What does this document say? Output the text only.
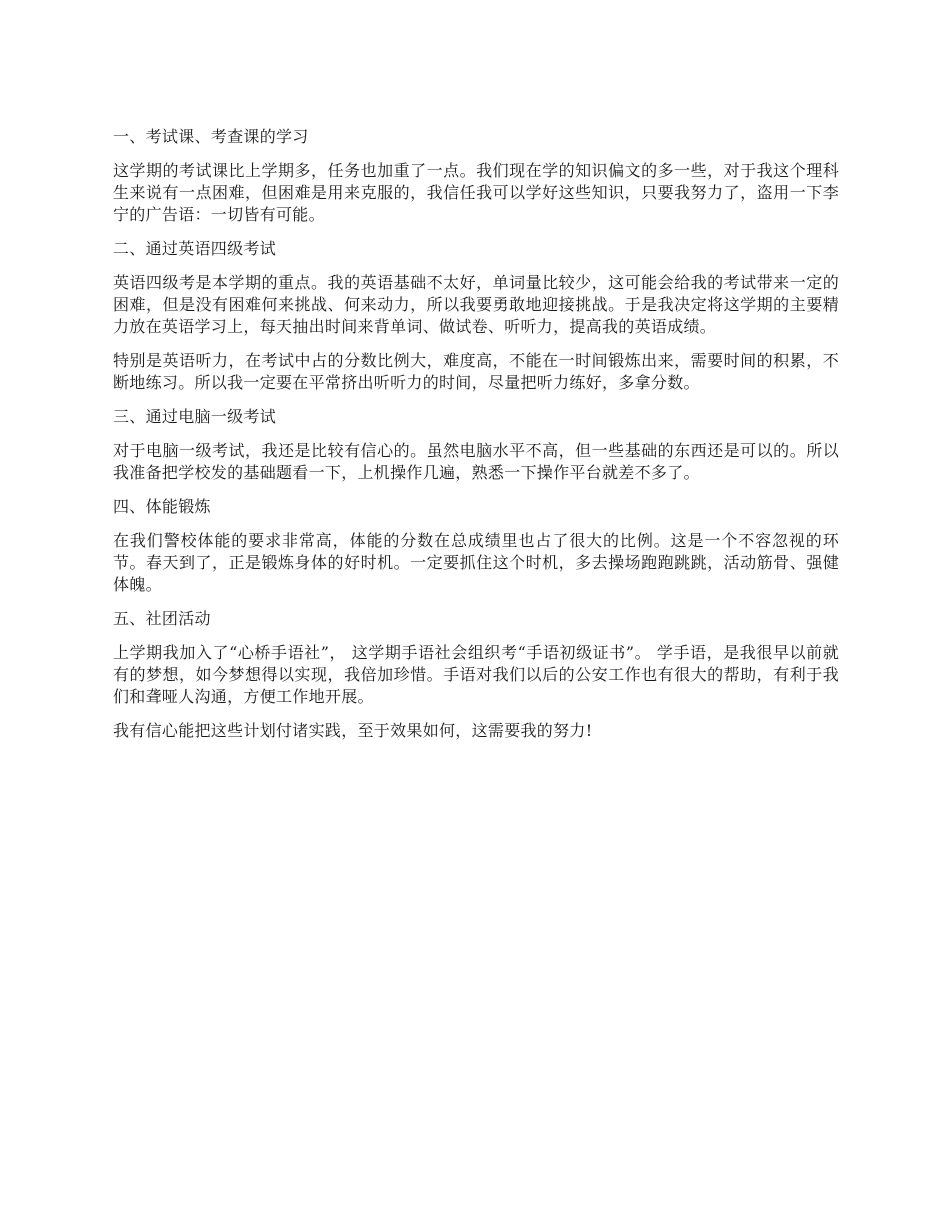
一、考试课、考查课的学习
这学期的考试课比上学期多，任务也加重了一点。我们现在学的知识偏文的多一些，对于我这个理科生来说有一点困难，但困难是用来克服的，我信任我可以学好这些知识，只要我努力了，盗用一下李宁的广告语：一切皆有可能。
二、通过英语四级考试
英语四级考是本学期的重点。我的英语基础不太好，单词量比较少，这可能会给我的考试带来一定的困难，但是没有困难何来挑战、何来动力，所以我要勇敢地迎接挑战。于是我决定将这学期的主要精力放在英语学习上，每天抽出时间来背单词、做试卷、听听力，提高我的英语成绩。
特别是英语听力，在考试中占的分数比例大，难度高，不能在一时间锻炼出来，需要时间的积累，不断地练习。所以我一定要在平常挤出听听力的时间，尽量把听力练好，多拿分数。
三、通过电脑一级考试
对于电脑一级考试，我还是比较有信心的。虽然电脑水平不高，但一些基础的东西还是可以的。所以我准备把学校发的基础题看一下，上机操作几遍，熟悉一下操作平台就差不多了。
四、体能锻炼
在我们警校体能的要求非常高，体能的分数在总成绩里也占了很大的比例。这是一个不容忽视的环节。春天到了，正是锻炼身体的好时机。一定要抓住这个时机，多去操场跑跑跳跳，活动筋骨、强健体魄。
五、社团活动
上学期我加入了“心桥手语社”， 这学期手语社会组织考“手语初级证书”。 学手语，是我很早以前就有的梦想，如今梦想得以实现，我倍加珍惜。手语对我们以后的公安工作也有很大的帮助，有利于我们和聋哑人沟通，方便工作地开展。
我有信心能把这些计划付诸实践，至于效果如何，这需要我的努力!
